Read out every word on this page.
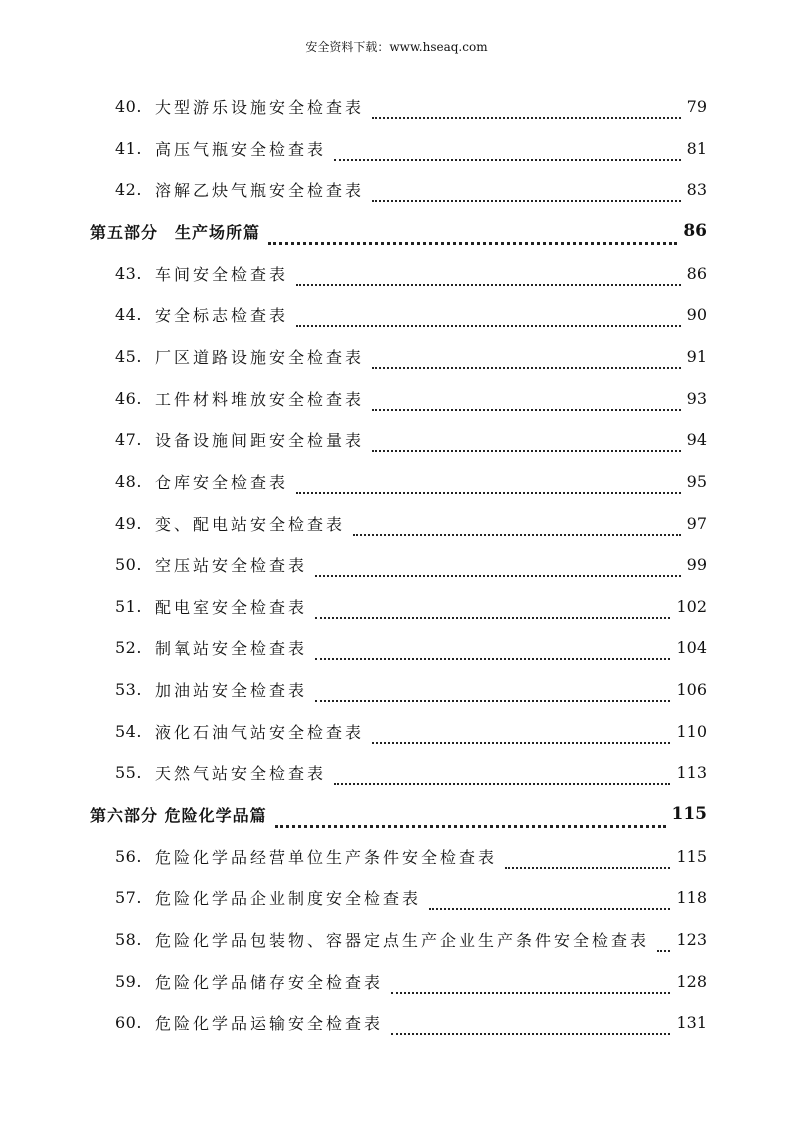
安全资料下载：www.hseaq.com
40. 大型游乐设施安全检查表	79
41. 高压气瓶安全检查表	81
42. 溶解乙炔气瓶安全检查表	83
第五部分　生产场所篇	86
43. 车间安全检查表	86
44. 安全标志检查表	90
45. 厂区道路设施安全检查表	91
46. 工件材料堆放安全检查表	93
47. 设备设施间距安全检量表	94
48. 仓库安全检查表	95
49. 变、配电站安全检查表	97
50. 空压站安全检查表	99
51. 配电室安全检查表	102
52. 制氧站安全检查表	104
53. 加油站安全检查表	106
54. 液化石油气站安全检查表	110
55. 天然气站安全检查表	113
第六部分 危险化学品篇	115
56. 危险化学品经营单位生产条件安全检查表	115
57. 危险化学品企业制度安全检查表	118
58. 危险化学品包装物、容器定点生产企业生产条件安全检查表 123
59. 危险化学品储存安全检查表	128
60. 危险化学品运输安全检查表	131
